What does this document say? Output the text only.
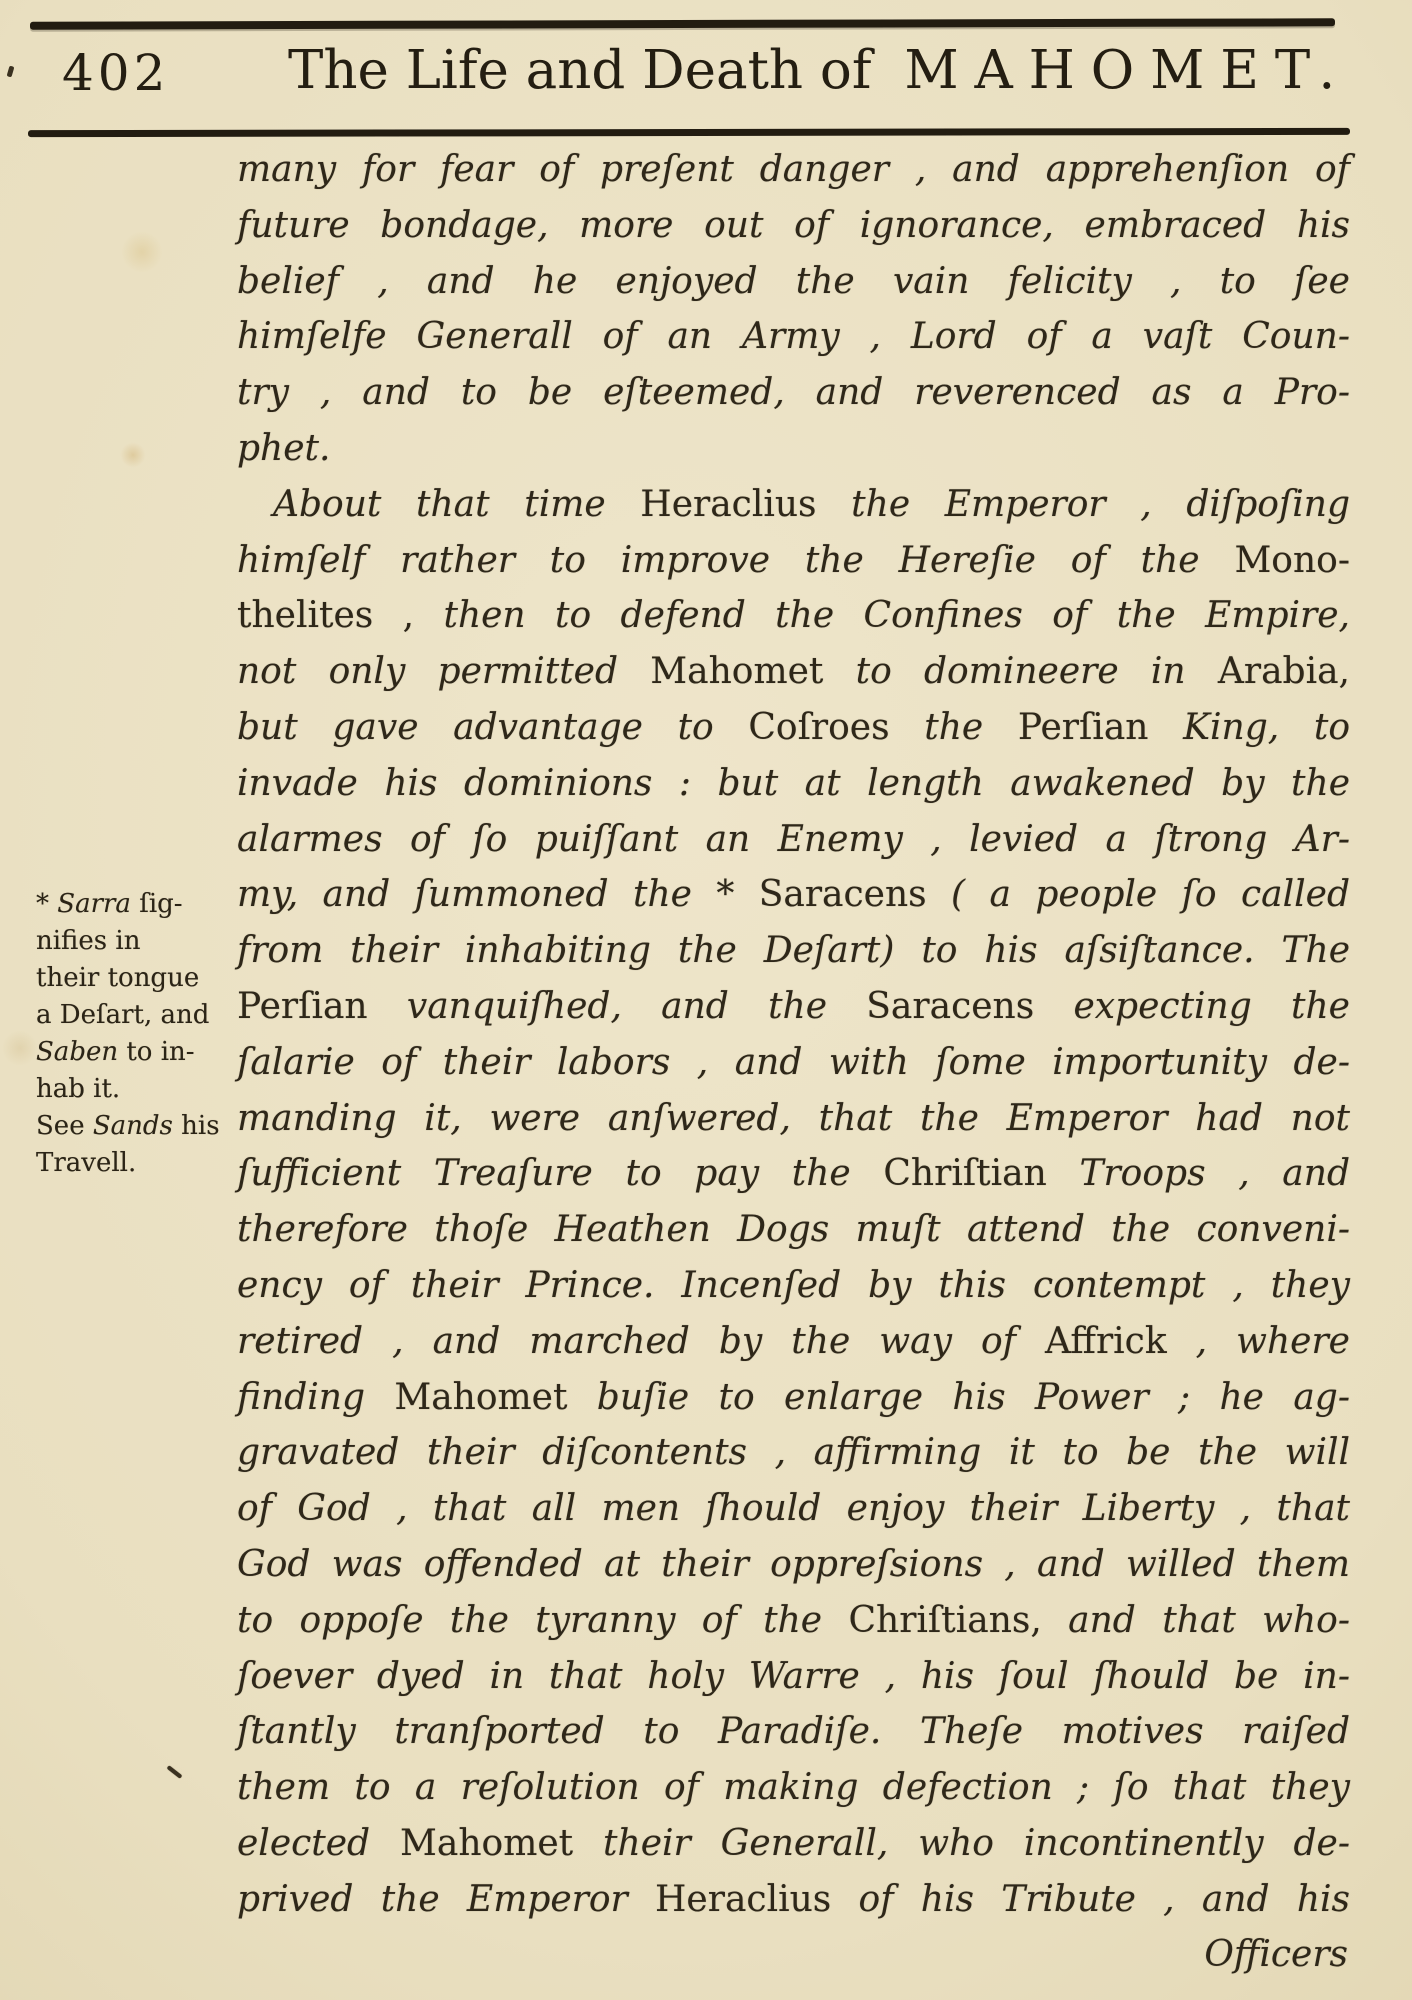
402 The Life and Death of MAHOMET.
* Sarra ſig-
nifies in
their tongue
a Deſart, and
Saben to in-
hab it.
See Sands his
Travell.
many for fear of preſent danger , and apprehenſion of
future bondage, more out of ignorance, embraced his
belief , and he enjoyed the vain felicity , to ſee
himſelfe Generall of an Army , Lord of a vaſt Coun-
try , and to be eſteemed, and reverenced as a Pro-
phet.
About that time Heraclius the Emperor , diſpoſing
himſelf rather to improve the Hereſie of the Mono-
thelites , then to defend the Confines of the Empire,
not only permitted Mahomet to domineere in Arabia,
but gave advantage to Coſroes the Perſian King, to
invade his dominions : but at length awakened by the
alarmes of ſo puiſſant an Enemy , levied a ſtrong Ar-
my, and ſummoned the * Saracens ( a people ſo called
from their inhabiting the Deſart) to his aſsiſtance. The
Perſian vanquiſhed, and the Saracens expecting the
ſalarie of their labors , and with ſome importunity de-
manding it, were anſwered, that the Emperor had not
ſufficient Treaſure to pay the Chriſtian Troops , and
therefore thoſe Heathen Dogs muſt attend the conveni-
ency of their Prince. Incenſed by this contempt , they
retired , and marched by the way of Affrick , where
finding Mahomet buſie to enlarge his Power ; he ag-
gravated their diſcontents , affirming it to be the will
of God , that all men ſhould enjoy their Liberty , that
God was offended at their oppreſsions , and willed them
to oppoſe the tyranny of the Chriſtians, and that who-
ſoever dyed in that holy Warre , his ſoul ſhould be in-
ſtantly tranſported to Paradiſe. Theſe motives raiſed
them to a reſolution of making defection ; ſo that they
elected Mahomet their Generall, who incontinently de-
prived the Emperor Heraclius of his Tribute , and his
Officers
